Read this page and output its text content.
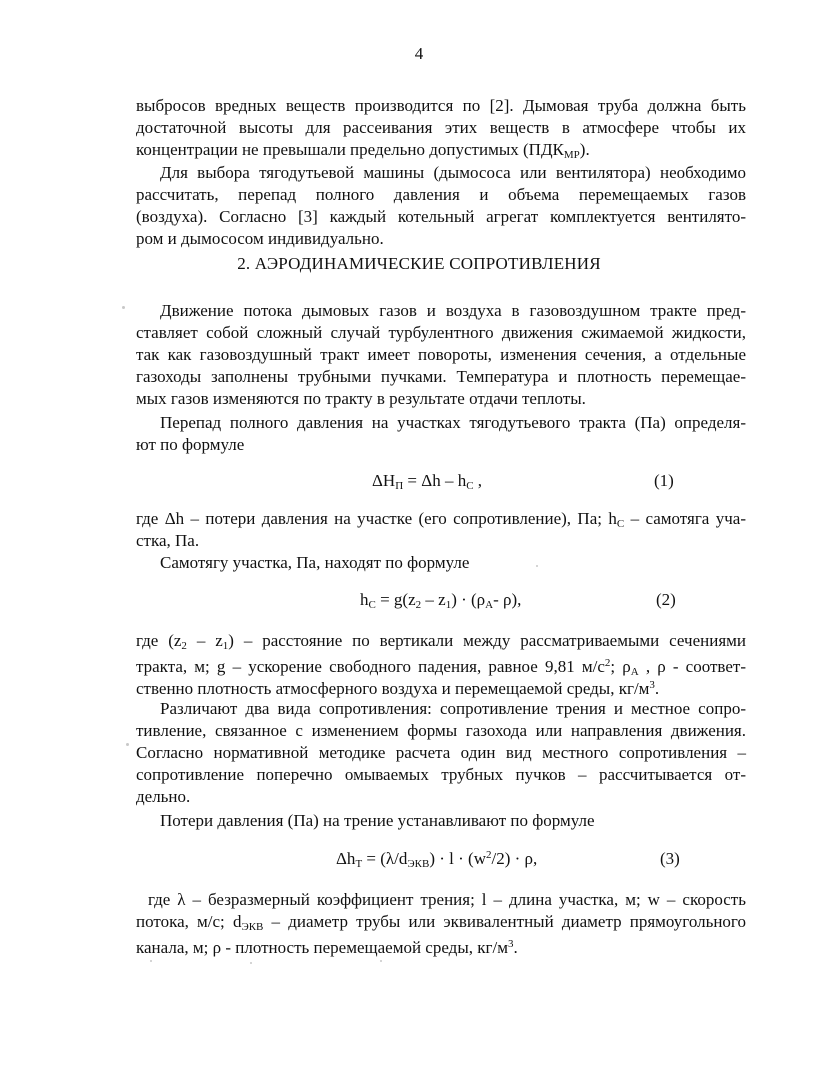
4
выбросов вредных веществ производится по [2]. Дымовая труба должна быть
достаточной высоты для рассеивания этих веществ в атмосфере чтобы их
концентрации не превышали предельно допустимых $(ПДК_{МР})$.
Для выбора тягодутьевой машины (дымососа или вентилятора) необходимо
рассчитать, перепад полного давления и объема перемещаемых газов
(воздуха). Согласно [3] каждый котельный агрегат комплектуется вентилято-
ром и дымососом индивидуально.
2. АЭРОДИНАМИЧЕСКИЕ СОПРОТИВЛЕНИЯ
Движение потока дымовых газов и воздуха в газовоздушном тракте пред-
ставляет собой сложный случай турбулентного движения сжимаемой жидкости,
так как газовоздушный тракт имеет повороты, изменения сечения, а отдельные
газоходы заполнены трубными пучками. Температура и плотность перемещае-
мых газов изменяются по тракту в результате отдачи теплоты.
Перепад полного давления на участках тягодутьевого тракта (Па) определя-
ют по формуле
$\Delta H_П = \Delta h - h_C$ ,	(1)
где Δh – потери давления на участке (его сопротивление), Па; $h_C$ – самотяга уча-
стка, Па.
Самотягу участка, Па, находят по формуле
$h_C = g(z_2 - z_1) \cdot (\rho_A-$ ρ),	(2)
где $(z_2 - z_1)$ – расстояние по вертикали между рассматриваемыми сечениями
тракта, м; g – ускорение свободного падения, равное 9,81 $м/с^2$; $\rho_A$ , ρ - соответ-
ственно плотность атмосферного воздуха и перемещаемой среды, $кг/м^3$.
Различают два вида сопротивления: сопротивление трения и местное сопро-
тивление, связанное с изменением формы газохода или направления движения.
Согласно нормативной методике расчета один вид местного сопротивления –
сопротивление поперечно омываемых трубных пучков – рассчитывается от-
дельно.
Потери давления (Па) на трение устанавливают по формуле
$\Delta h_T = (\lambda/d_{ЭКВ}) \cdot l \cdot (w^2/2) \cdot \rho$,	(3)
где λ – безразмерный коэффициент трения; l – длина участка, м; w – скорость
потока, м/с; $d_{ЭКВ}$ – диаметр трубы или эквивалентный диаметр прямоугольного
канала, м; ρ - плотность перемещаемой среды, $кг/м^3$.
